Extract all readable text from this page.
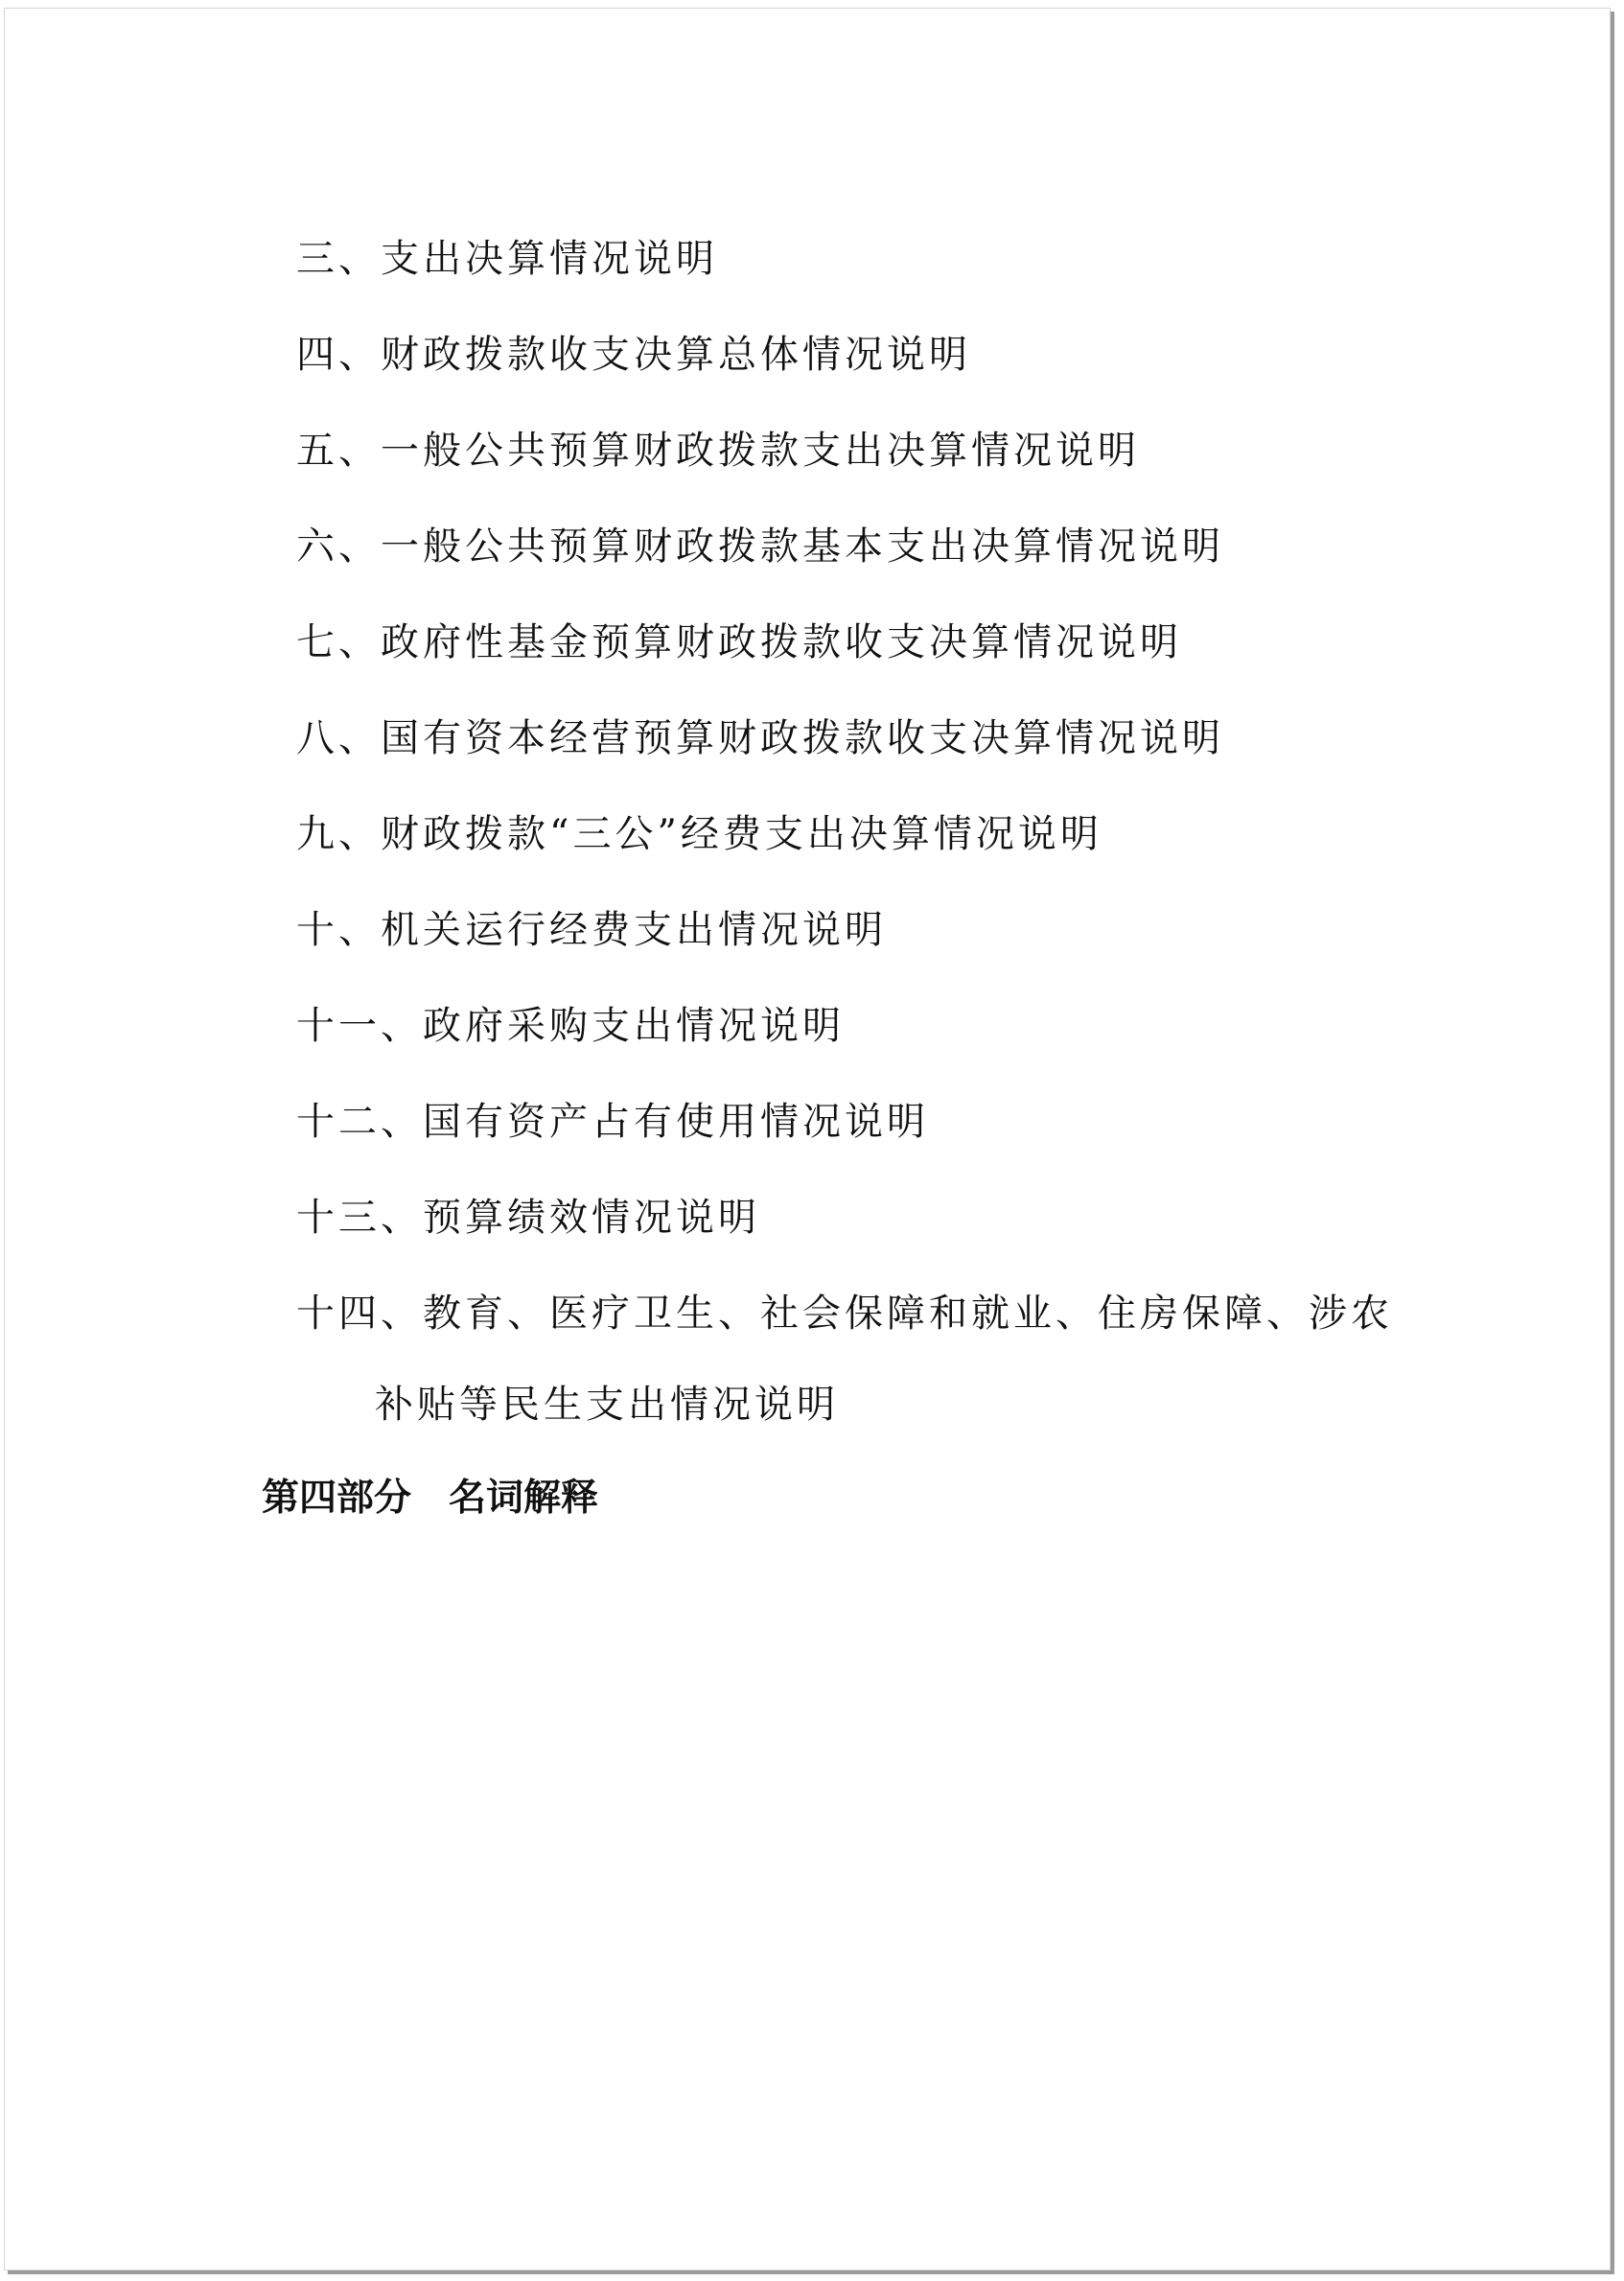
三、支出决算情况说明

四、财政拨款收支决算总体情况说明

五、一般公共预算财政拨款支出决算情况说明

六、一般公共预算财政拨款基本支出决算情况说明

七、政府性基金预算财政拨款收支决算情况说明

八、国有资本经营预算财政拨款收支决算情况说明

九、财政拨款“三公”经费支出决算情况说明

十、机关运行经费支出情况说明

十一、政府采购支出情况说明

十二、国有资产占有使用情况说明

十三、预算绩效情况说明

十四、教育、医疗卫生、社会保障和就业、住房保障、涉农

补贴等民生支出情况说明

第四部分　名词解释
